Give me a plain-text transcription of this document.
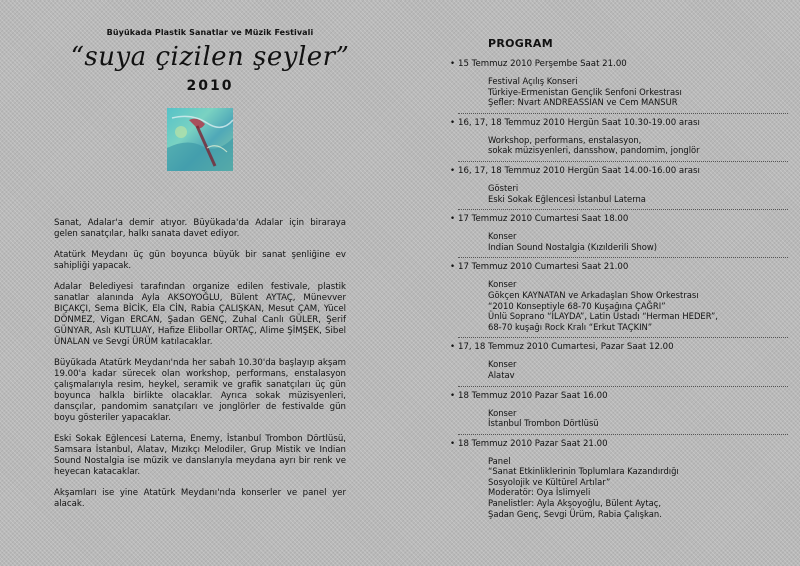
Büyükada Plastik Sanatlar ve Müzik Festivali
“suya çizilen şeyler”
2010

Sanat, Adalar'a demir atıyor. Büyükada'da Adalar için biraraya gelen sanatçılar, halkı sanata davet ediyor.

Atatürk Meydanı üç gün boyunca büyük bir sanat şenliğine ev sahipliği yapacak.

Adalar Belediyesi tarafından organize edilen festivale, plastik sanatlar alanında Ayla AKSOYOĞLU, Bülent AYTAÇ, Münevver BIÇAKÇI, Sema BİCİK, Ela CİN, Rabia ÇALIŞKAN, Mesut ÇAM, Yücel DÖNMEZ, Vigan ERCAN, Şadan GENÇ, Zuhal Canlı GÜLER, Şerif GÜNYAR, Aslı KUTLUAY, Hafize Elibollar ORTAÇ, Alime ŞİMŞEK, Sibel ÜNALAN ve Sevgi ÜRÜM katılacaklar.

Büyükada Atatürk Meydanı'nda her sabah 10.30'da başlayıp akşam 19.00'a kadar sürecek olan workshop, performans, enstalasyon çalışmalarıyla resim, heykel, seramik ve grafik sanatçıları üç gün boyunca halkla birlikte olacaklar. Ayrıca sokak müzisyenleri, dansçılar, pandomim sanatçıları ve jonglörler de festivalde gün boyu gösteriler yapacaklar.

Eski Sokak Eğlencesi Laterna, Enemy, İstanbul Trombon Dörtlüsü, Samsara İstanbul, Alatav, Mızıkçı Melodiler, Grup Mistik ve Indian Sound Nostalgia ise müzik ve danslarıyla meydana ayrı bir renk ve heyecan katacaklar.

Akşamları ise yine Atatürk Meydanı'nda konserler ve panel yer alacak.

PROGRAM
• 15 Temmuz 2010 Perşembe Saat 21.00
Festival Açılış Konseri
Türkiye-Ermenistan Gençlik Senfoni Orkestrası
Şefler: Nvart ANDREASSIAN ve Cem MANSUR
• 16, 17, 18 Temmuz 2010 Hergün Saat 10.30-19.00 arası
Workshop, performans, enstalasyon,
sokak müzisyenleri, dansshow, pandomim, jonglör
• 16, 17, 18 Temmuz 2010 Hergün Saat 14.00-16.00 arası
Gösteri
Eski Sokak Eğlencesi İstanbul Laterna
• 17 Temmuz 2010 Cumartesi Saat 18.00
Konser
Indian Sound Nostalgia (Kızılderili Show)
• 17 Temmuz 2010 Cumartesi Saat 21.00
Konser
Gökçen KAYNATAN ve Arkadaşları Show Orkestrası
“2010 Konseptiyle 68-70 Kuşağına ÇAĞRI”
Ünlü Soprano “İLAYDA”, Latin Üstadı “Herman HEDER”,
68-70 kuşağı Rock Kralı “Erkut TAÇKIN”
• 17, 18 Temmuz 2010 Cumartesi, Pazar Saat 12.00
Konser
Alatav
• 18 Temmuz 2010 Pazar Saat 16.00
Konser
İstanbul Trombon Dörtlüsü
• 18 Temmuz 2010 Pazar Saat 21.00
Panel
“Sanat Etkinliklerinin Toplumlara Kazandırdığı
Sosyolojik ve Kültürel Artılar”
Moderatör: Oya İslimyeli
Panelistler: Ayla Akşoyoğlu, Bülent Aytaç,
Şadan Genç, Sevgi Ürüm, Rabia Çalışkan.
